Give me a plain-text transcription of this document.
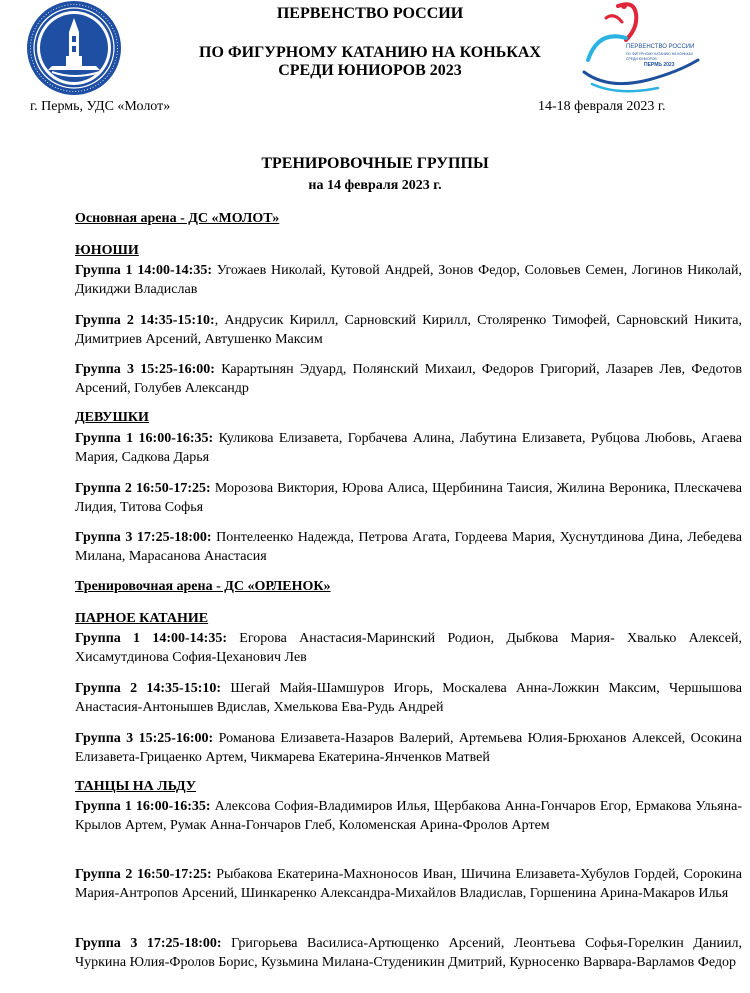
ПЕРВЕНСТВО РОССИИ
ПО ФИГУРНОМУ КАТАНИЮ НА КОНЬКАХ
СРЕДИ ЮНИОРОВ
ПЕРМЬ 2023
ПЕРВЕНСТВО РОССИИ
ПО ФИГУРНОМУ КАТАНИЮ НА КОНЬКАХ
СРЕДИ ЮНИОРОВ 2023
г. Пермь, УДС «Молот»	14-18 февраля 2023 г.
ТРЕНИРОВОЧНЫЕ ГРУППЫ
на 14 февраля 2023 г.
Основная арена - ДС «МОЛОТ»
ЮНОШИ
Группа 1 14:00-14:35: Угожаев Николай, Кутовой Андрей, Зонов Федор, Соловьев Семен, Логинов Николай, Дикиджи Владислав
Группа 2 14:35-15:10:, Андрусик Кирилл, Сарновский Кирилл, Столяренко Тимофей, Сарновский Никита, Димитриев Арсений, Автушенко Максим
Группа 3 15:25-16:00: Карартынян Эдуард, Полянский Михаил, Федоров Григорий, Лазарев Лев, Федотов Арсений, Голубев Александр
ДЕВУШКИ
Группа 1 16:00-16:35: Куликова Елизавета, Горбачева Алина, Лабутина Елизавета, Рубцова Любовь, Агаева Мария, Садкова Дарья
Группа 2 16:50-17:25: Морозова Виктория, Юрова Алиса, Щербинина Таисия, Жилина Вероника, Плескачева Лидия, Титова Софья
Группа 3 17:25-18:00: Понтелеенко Надежда, Петрова Агата, Гордеева Мария, Хуснутдинова Дина, Лебедева Милана, Марасанова Анастасия
Тренировочная арена - ДС «ОРЛЕНОК»
ПАРНОЕ КАТАНИЕ
Группа 1 14:00-14:35: Егорова Анастасия-Маринский Родион, Дыбкова Мария- Хвалько Алексей, Хисамутдинова София-Цеханович Лев
Группа 2 14:35-15:10: Шегай Майя-Шамшуров Игорь, Москалева Анна-Ложкин Максим, Чершышова Анастасия-Антонышев Вдислав, Хмелькова Ева-Рудь Андрей
Группа 3 15:25-16:00: Романова Елизавета-Назаров Валерий, Артемьева Юлия-Брюханов Алексей, Осокина Елизавета-Грицаенко Артем, Чикмарева Екатерина-Янченков Матвей
ТАНЦЫ НА ЛЬДУ
Группа 1 16:00-16:35: Алексова София-Владимиров Илья, Щербакова Анна-Гончаров Егор, Ермакова Ульяна-Крылов Артем, Румак Анна-Гончаров Глеб, Коломенская Арина-Фролов Артем
Группа 2 16:50-17:25: Рыбакова Екатерина-Махноносов Иван, Шичина Елизавета-Хубулов Гордей, Сорокина Мария-Антропов Арсений, Шинкаренко Александра-Михайлов Владислав, Горшенина Арина-Макаров Илья
Группа 3 17:25-18:00: Григорьева Василиса-Артющенко Арсений, Леонтьева Софья-Горелкин Даниил, Чуркина Юлия-Фролов Борис, Кузьмина Милана-Студеникин Дмитрий, Курносенко Варвара-Варламов Федор
